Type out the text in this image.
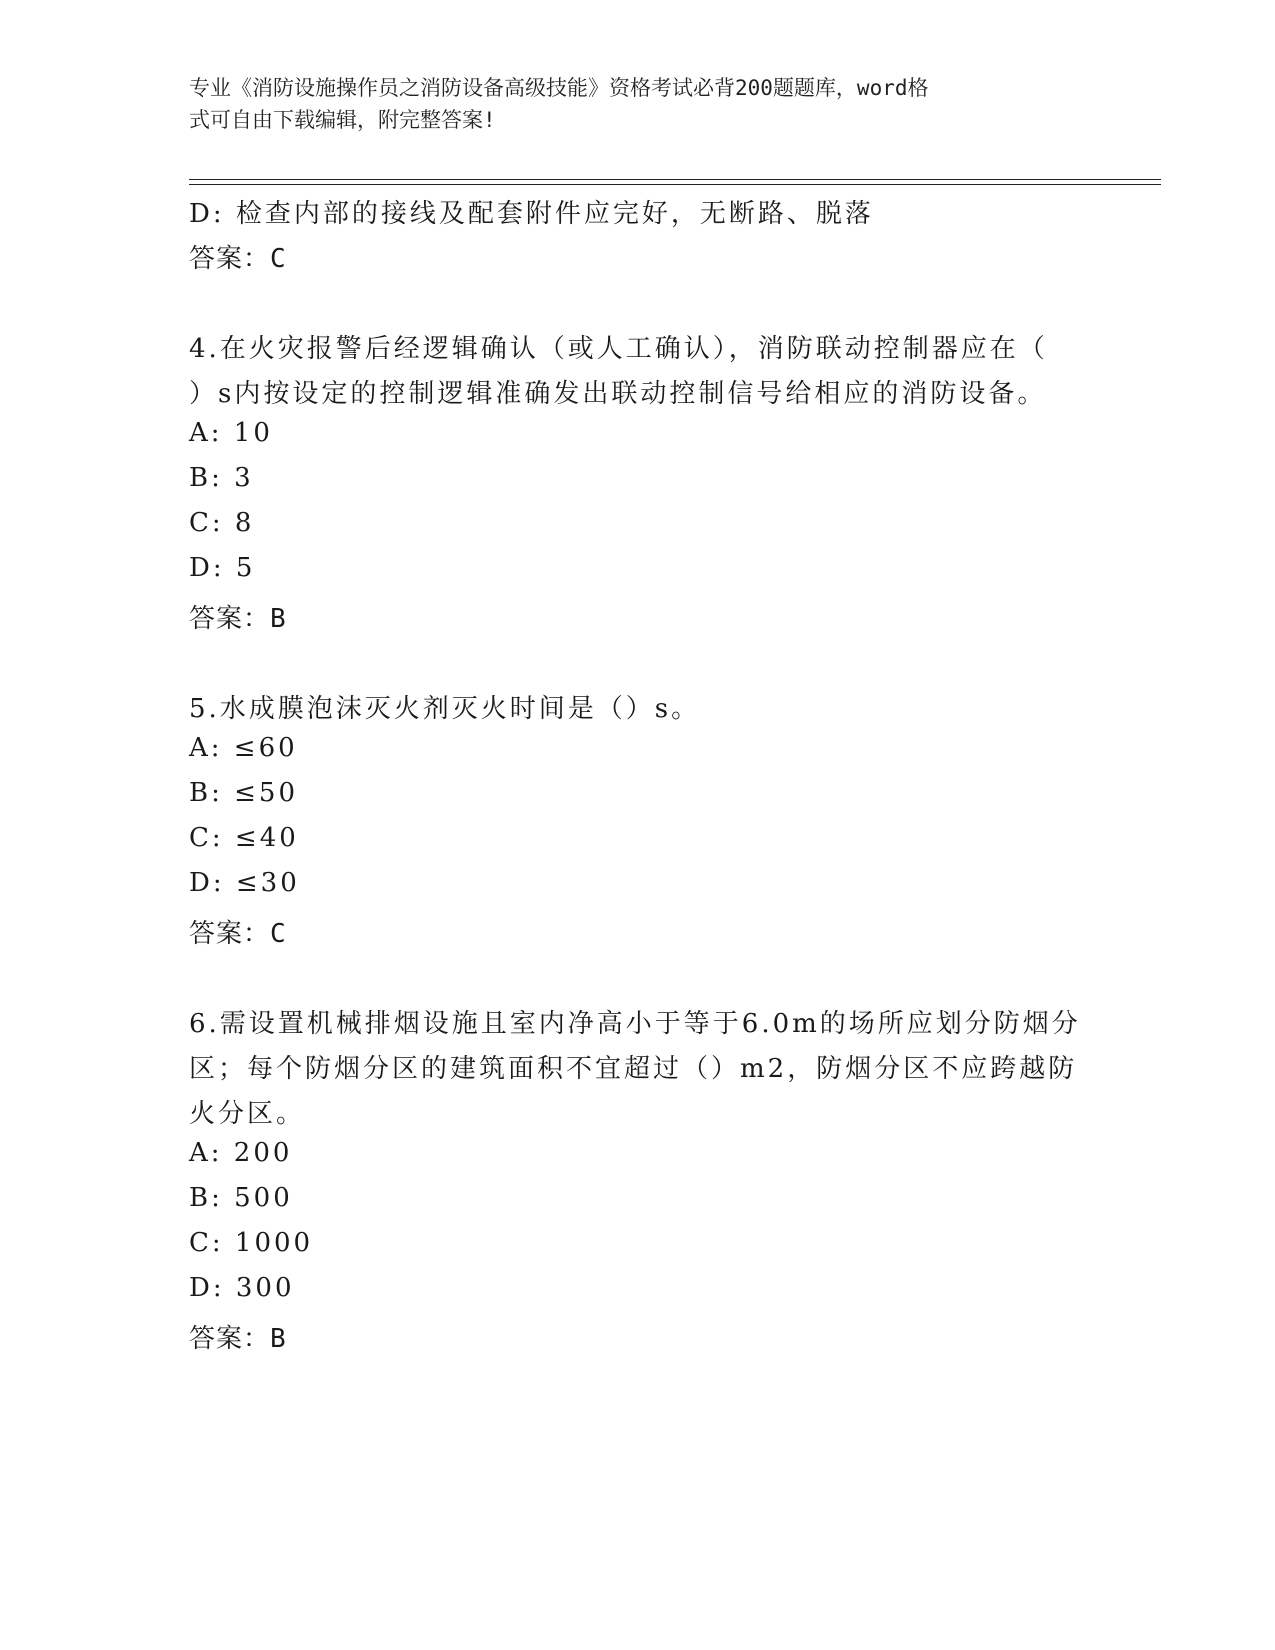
专业《消防设施操作员之消防设备高级技能》资格考试必背200题题库，word格
式可自由下载编辑，附完整答案!
D: 检查内部的接线及配套附件应完好，无断路、脱落
答案：C
4.在火灾报警后经逻辑确认（或人工确认），消防联动控制器应在（
）s内按设定的控制逻辑准确发出联动控制信号给相应的消防设备。
A: 10
B: 3
C: 8
D: 5
答案：B
5.水成膜泡沫灭火剂灭火时间是（）s。
A: ≤60
B: ≤50
C: ≤40
D: ≤30
答案：C
6.需设置机械排烟设施且室内净高小于等于6.0m的场所应划分防烟分
区；每个防烟分区的建筑面积不宜超过（）m2，防烟分区不应跨越防
火分区。
A: 200
B: 500
C: 1000
D: 300
答案：B
